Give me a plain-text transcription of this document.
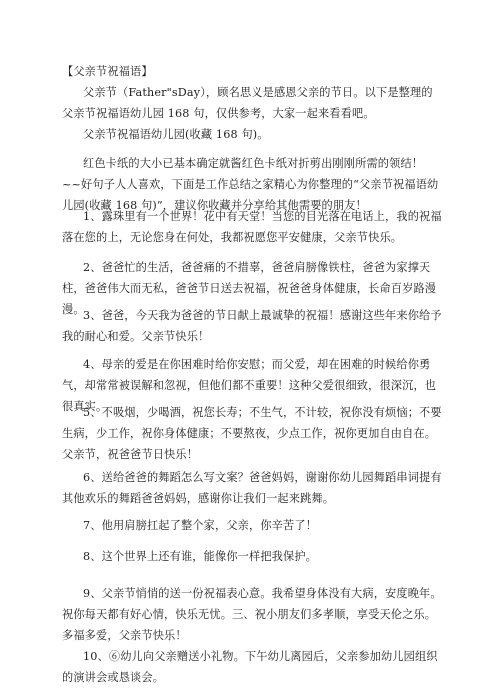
【父亲节祝福语】
父亲节（Father"sDay），顾名思义是感恩父亲的节日。以下是整理的父亲节祝福语幼儿园 168 句，仅供参考，大家一起来看看吧。
父亲节祝福语幼儿园(收藏 168 句)。
红色卡纸的大小已基本确定就酱红色卡纸对折剪出刚刚所需的领结！~~好句子人人喜欢，下面是工作总结之家精心为你整理的“父亲节祝福语幼儿园(收藏 168 句)”，建议你收藏并分享给其他需要的朋友！
1、露珠里有一个世界！花中有天堂！当您的目光落在电话上，我的祝福落在您的上，无论您身在何处，我都祝愿您平安健康，父亲节快乐。
2、爸爸忙的生活，爸爸痛的不措辜，爸爸肩膀像铁柱，爸爸为家撑天柱，爸爸伟大而无私，爸爸节日送去祝福，祝爸爸身体健康，长命百岁路漫漫。
3、爸爸，今天我为爸爸的节日献上最诚挚的祝福！感谢这些年来你给予我的耐心和爱。父亲节快乐！
4、母亲的爱是在你困难时给你安慰；而父爱，却在困难的时候给你勇气，却常常被误解和忽视，但他们都不重要！这种父爱很细致，很深沉，也很真实。
5、不吸烟，少喝酒，祝您长寿；不生气，不计较，祝你没有烦恼；不要生病，少工作，祝你身体健康；不要熬夜，少点工作，祝你更加自由自在。父亲节，祝爸爸节日快乐！
6、送给爸爸的舞蹈怎么写文案？爸爸妈妈，谢谢你幼儿园舞蹈串词提有其他欢乐的舞蹈爸爸妈妈，感谢你让我们一起来跳舞。
7、他用肩膀扛起了整个家，父亲，你辛苦了！
8、这个世界上还有谁，能像你一样把我保护。
9、父亲节悄悄的送一份祝福表心意。我希望身体没有大病，安度晚年。祝你每天都有好心情，快乐无忧。三、祝小朋友们多孝顺，享受天伦之乐。多福多爱，父亲节快乐！
10、⑥幼儿向父亲赠送小礼物。下午幼儿离园后，父亲参加幼儿园组织的演讲会或恳谈会。
